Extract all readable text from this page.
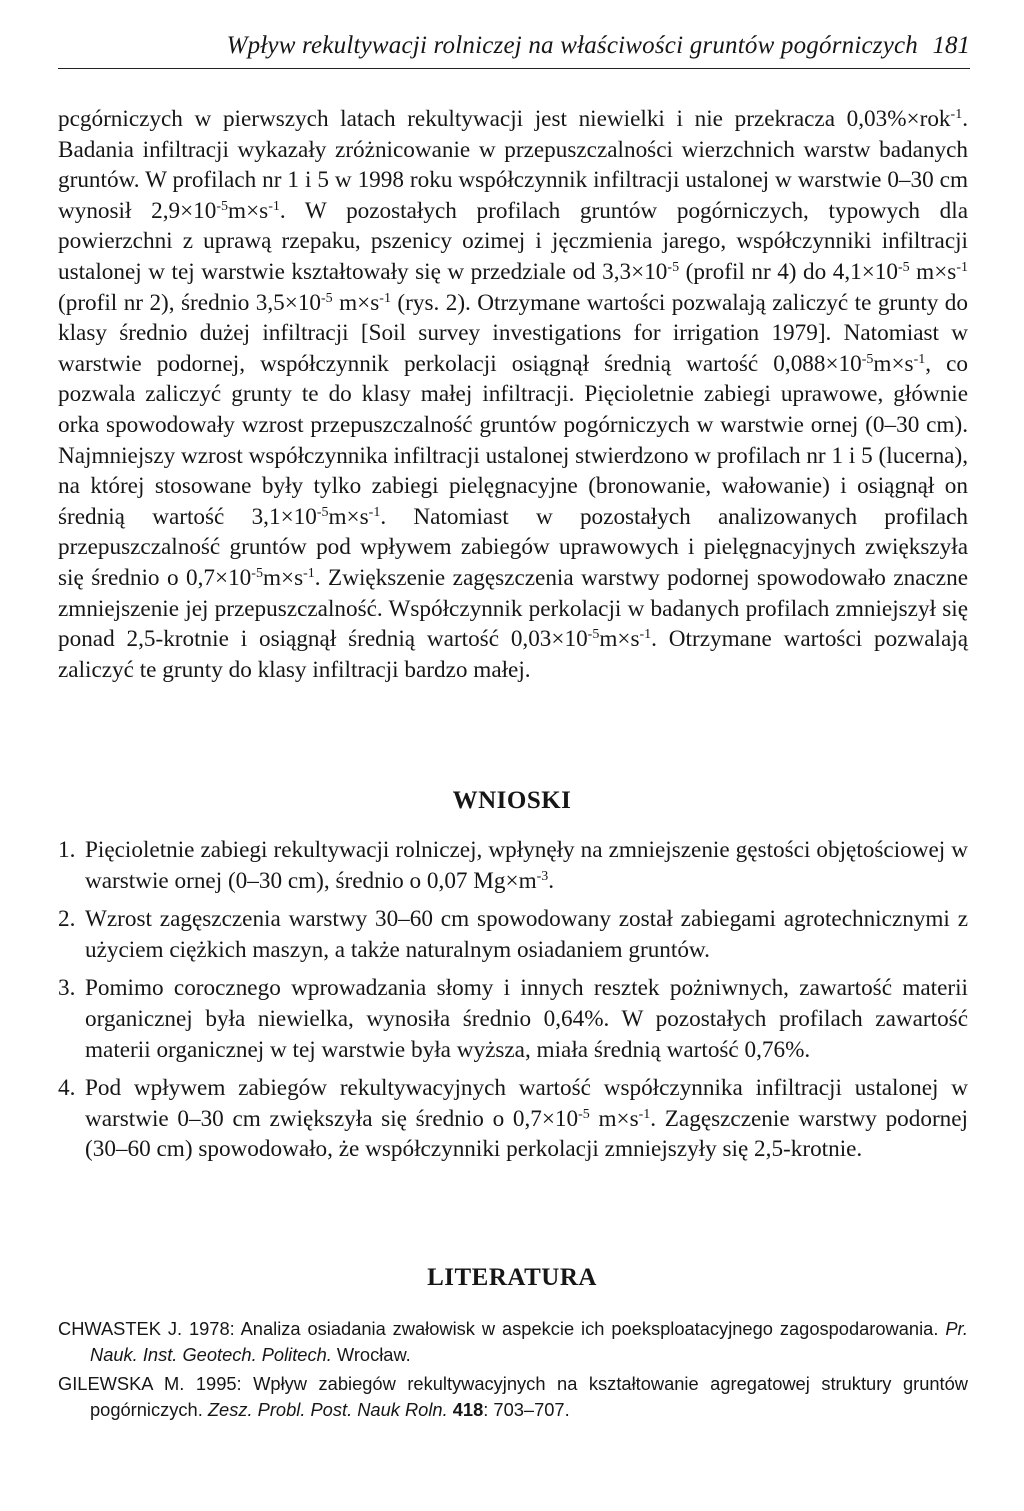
Wpływ rekultywacji rolniczej na właściwości gruntów pogórniczych 181

pcgórniczych w pierwszych latach rekultywacji jest niewielki i nie przekracza 0,03%×rok$^{-1}$. Badania infiltracji wykazały zróżnicowanie w przepuszczalności wierzchnich warstw badanych gruntów. W profilach nr 1 i 5 w 1998 roku współczynnik infiltracji ustalonej w warstwie 0–30 cm wynosił $2,9\times 10^{-5}m\times s^{-1}$. W pozostałych profilach gruntów pogórniczych, typowych dla powierzchni z uprawą rzepaku, pszenicy ozimej i jęczmienia jarego, współczynniki infiltracji ustalonej w tej warstwie kształtowały się w przedziale od $3,3\times 10^{-5}$ (profil nr 4) do $4,1\times 10^{-5}$ $m\times s^{-1}$ (profil nr 2), średnio $3,5\times 10^{-5}$ $m\times s^{-1}$ (rys. 2). Otrzymane wartości pozwalają zaliczyć te grunty do klasy średnio dużej infiltracji [Soil survey investigations for irrigation 1979]. Natomiast w warstwie podornej, współczynnik perkolacji osiągnął średnią wartość $0,088\times 10^{-5}m\times s^{-1}$, co pozwala zaliczyć grunty te do klasy małej infiltracji. Pięcioletnie zabiegi uprawowe, głównie orka spowodowały wzrost przepuszczalność gruntów pogórniczych w warstwie ornej (0–30 cm). Najmniejszy wzrost współczynnika infiltracji ustalonej stwierdzono w profilach nr 1 i 5 (lucerna), na której stosowane były tylko zabiegi pielęgnacyjne (bronowanie, wałowanie) i osiągnął on średnią wartość $3,1\times 10^{-5}m\times s^{-1}$. Natomiast w pozostałych analizowanych profilach przepuszczalność gruntów pod wpływem zabiegów uprawowych i pielęgnacyjnych zwiększyła się średnio o $0,7\times 10^{-5}m\times s^{-1}$. Zwiększenie zagęszczenia warstwy podornej spowodowało znaczne zmniejszenie jej przepuszczalność. Współczynnik perkolacji w badanych profilach zmniejszył się ponad 2,5-krotnie i osiągnął średnią wartość $0,03\times 10^{-5}m\times s^{-1}$. Otrzymane wartości pozwalają zaliczyć te grunty do klasy infiltracji bardzo małej.

WNIOSKI
1. Pięcioletnie zabiegi rekultywacji rolniczej, wpłynęły na zmniejszenie gęstości objętościowej w warstwie ornej (0–30 cm), średnio o 0,07 $Mg\times m^{-3}$.
2. Wzrost zagęszczenia warstwy 30–60 cm spowodowany został zabiegami agrotechnicznymi z użyciem ciężkich maszyn, a także naturalnym osiadaniem gruntów.
3. Pomimo corocznego wprowadzania słomy i innych resztek pożniwnych, zawartość materii organicznej była niewielka, wynosiła średnio 0,64%. W pozostałych profilach zawartość materii organicznej w tej warstwie była wyższa, miała średnią wartość 0,76%.
4. Pod wpływem zabiegów rekultywacyjnych wartość współczynnika infiltracji ustalonej w warstwie 0–30 cm zwiększyła się średnio o $0,7\times 10^{-5}$ $m\times s^{-1}$. Zagęszczenie warstwy podornej (30–60 cm) spowodowało, że współczynniki perkolacji zmniejszyły się 2,5-krotnie.
LITERATURA

CHWASTEK J. 1978: Analiza osiadania zwałowisk w aspekcie ich poeksploatacyjnego zagospodarowania. Pr. Nauk. Inst. Geotech. Politech. Wrocław.

GILEWSKA M. 1995: Wpływ zabiegów rekultywacyjnych na kształtowanie agregatowej struktury gruntów pogórniczych. Zesz. Probl. Post. Nauk Roln. 418: 703–707.
